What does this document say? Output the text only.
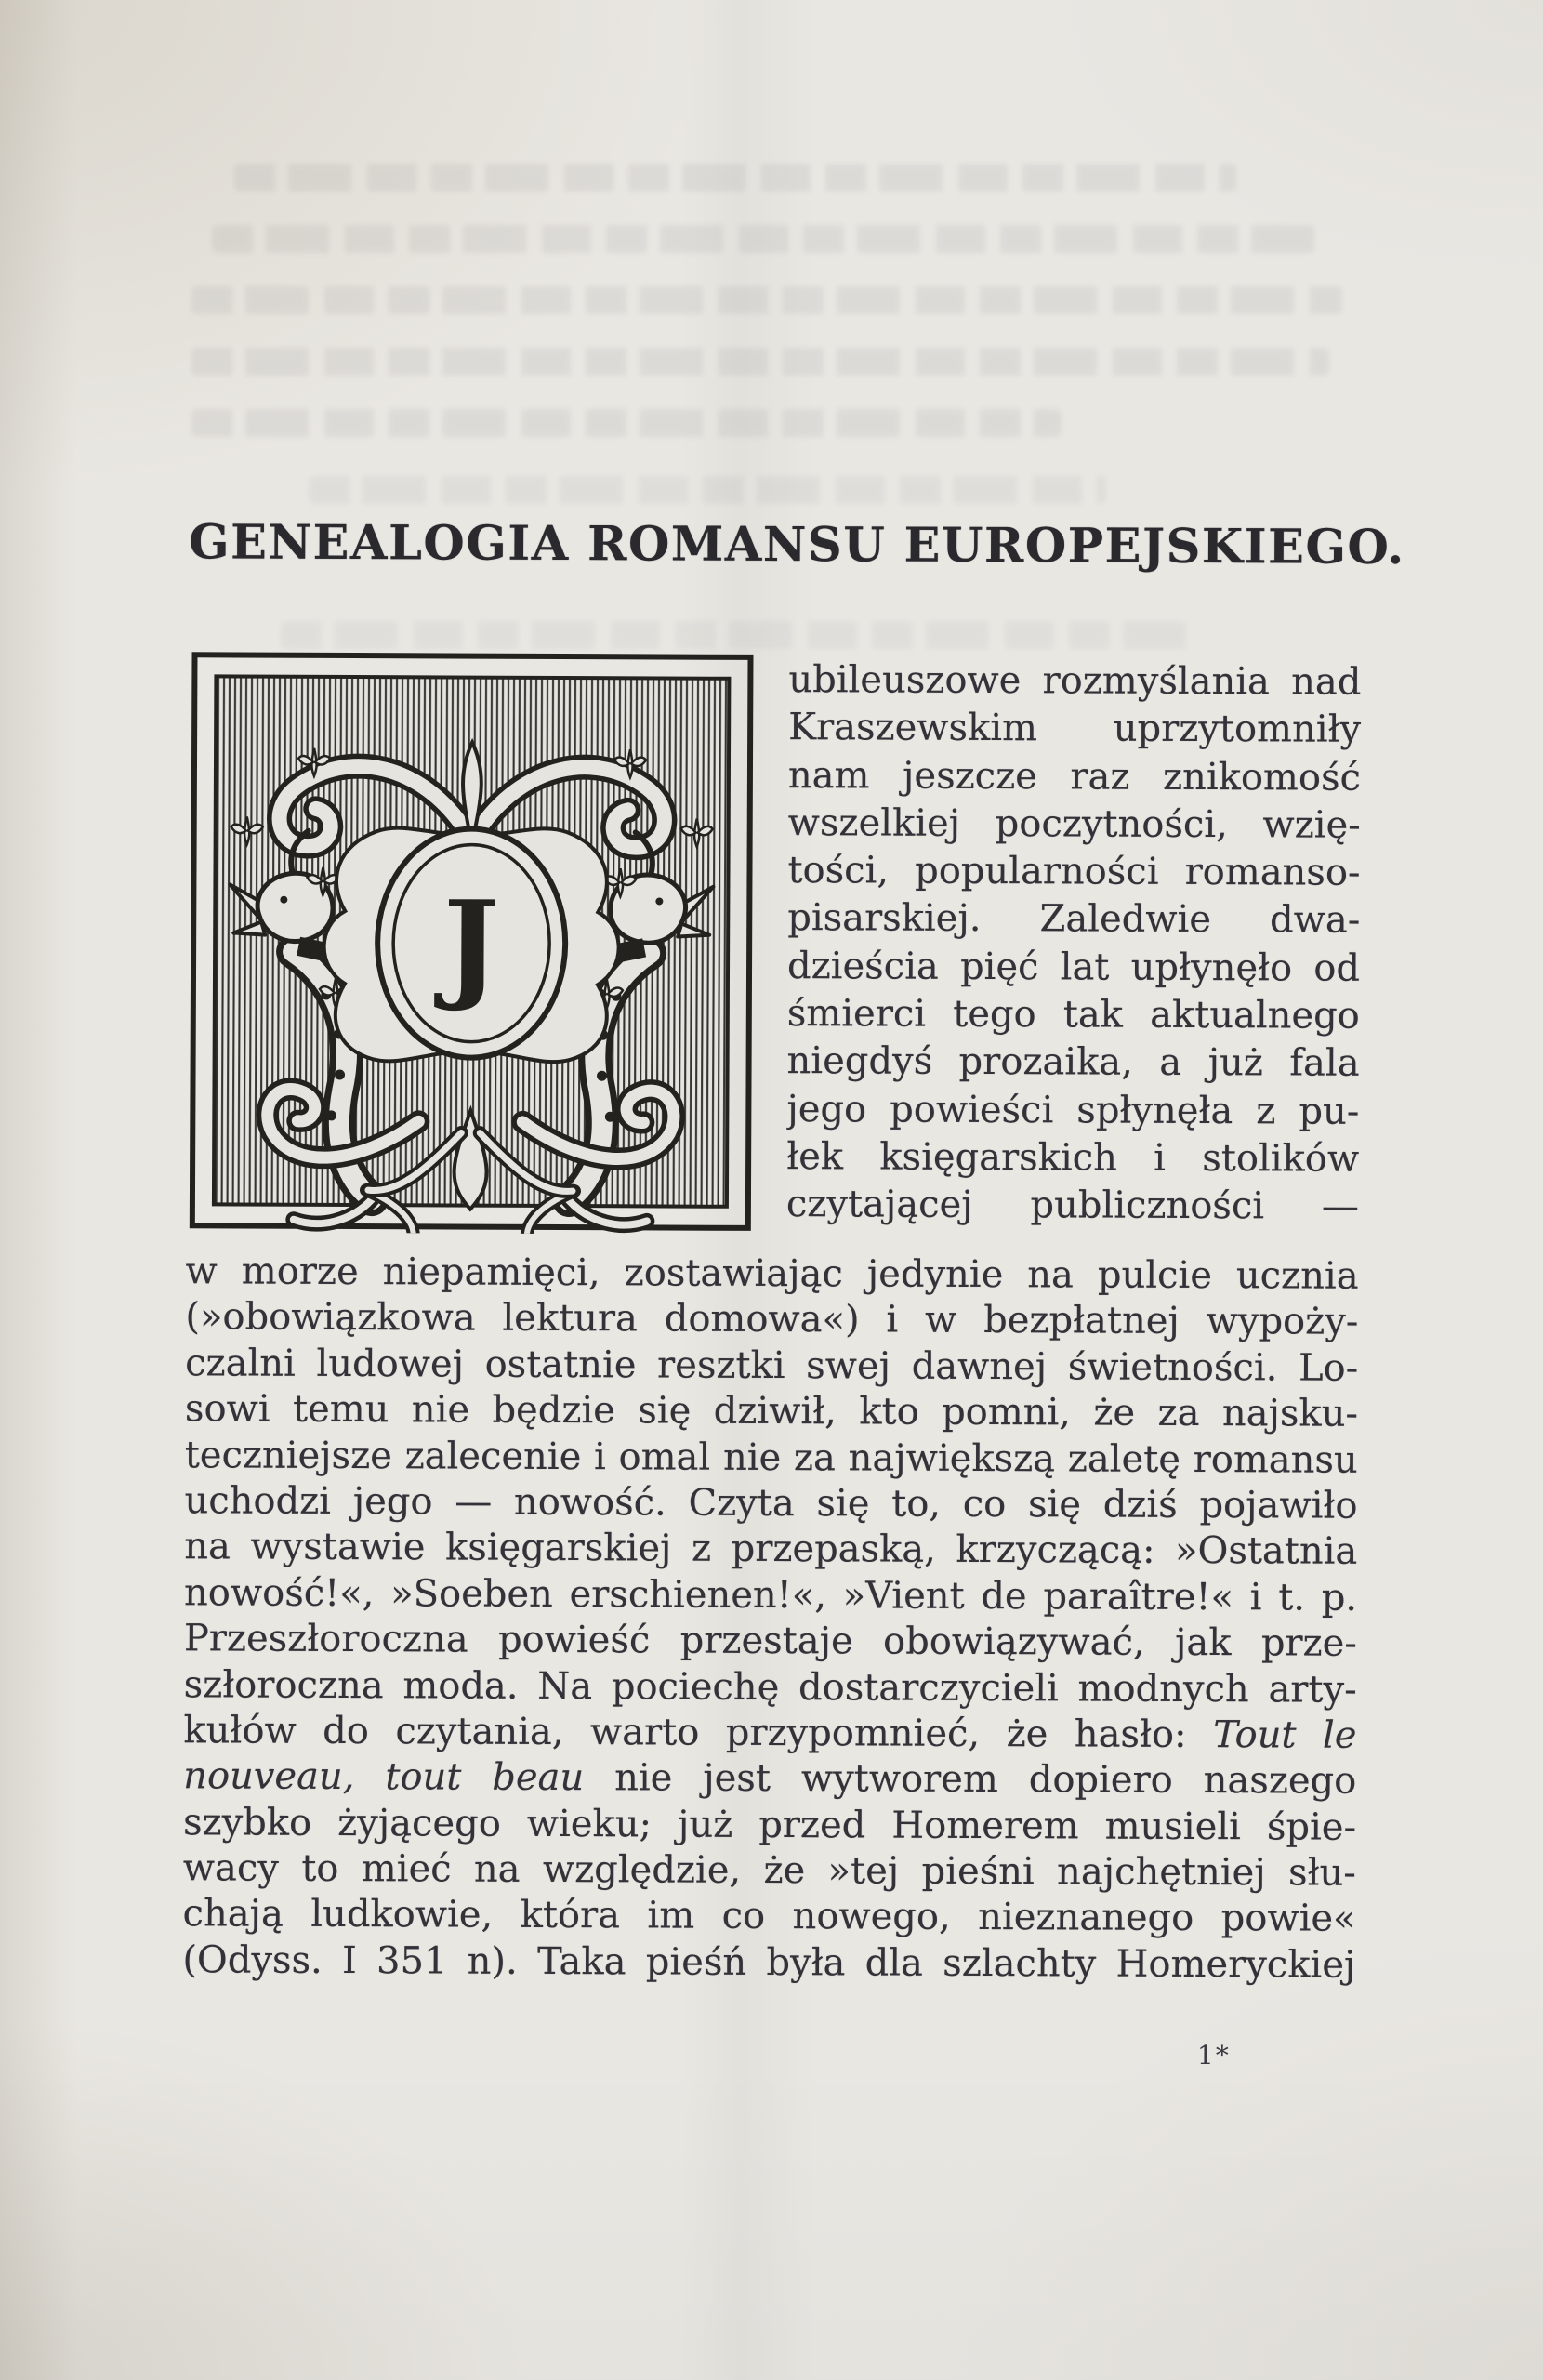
GENEALOGIA ROMANSU EUROPEJSKIEGO.
J
ubileuszowe rozmyślania nad
Kraszewskim uprzytomniły
nam jeszcze raz znikomość
wszelkiej poczytności, wzię-
tości, popularności romanso-
pisarskiej. Zaledwie dwa-
dzieścia pięć lat upłynęło od
śmierci tego tak aktualnego
niegdyś prozaika, a już fala
jego powieści spłynęła z pu-
łek księgarskich i stolików
czytającej publiczności —
w morze niepamięci, zostawiając jedynie na pulcie ucznia
(»obowiązkowa lektura domowa«) i w bezpłatnej wypoży-
czalni ludowej ostatnie resztki swej dawnej świetności. Lo-
sowi temu nie będzie się dziwił, kto pomni, że za najsku-
teczniejsze zalecenie i omal nie za największą zaletę romansu
uchodzi jego — nowość. Czyta się to, co się dziś pojawiło
na wystawie księgarskiej z przepaską, krzyczącą: »Ostatnia
nowość!«, »Soeben erschienen!«, »Vient de paraître!« i t. p.
Przeszłoroczna powieść przestaje obowiązywać, jak prze-
szłoroczna moda. Na pociechę dostarczycieli modnych arty-
kułów do czytania, warto przypomnieć, że hasło: Tout le
nouveau, tout beau nie jest wytworem dopiero naszego
szybko żyjącego wieku; już przed Homerem musieli śpie-
wacy to mieć na względzie, że »tej pieśni najchętniej słu-
chają ludkowie, która im co nowego, nieznanego powie«
(Odyss. I 351 n). Taka pieśń była dla szlachty Homeryckiej
1*
